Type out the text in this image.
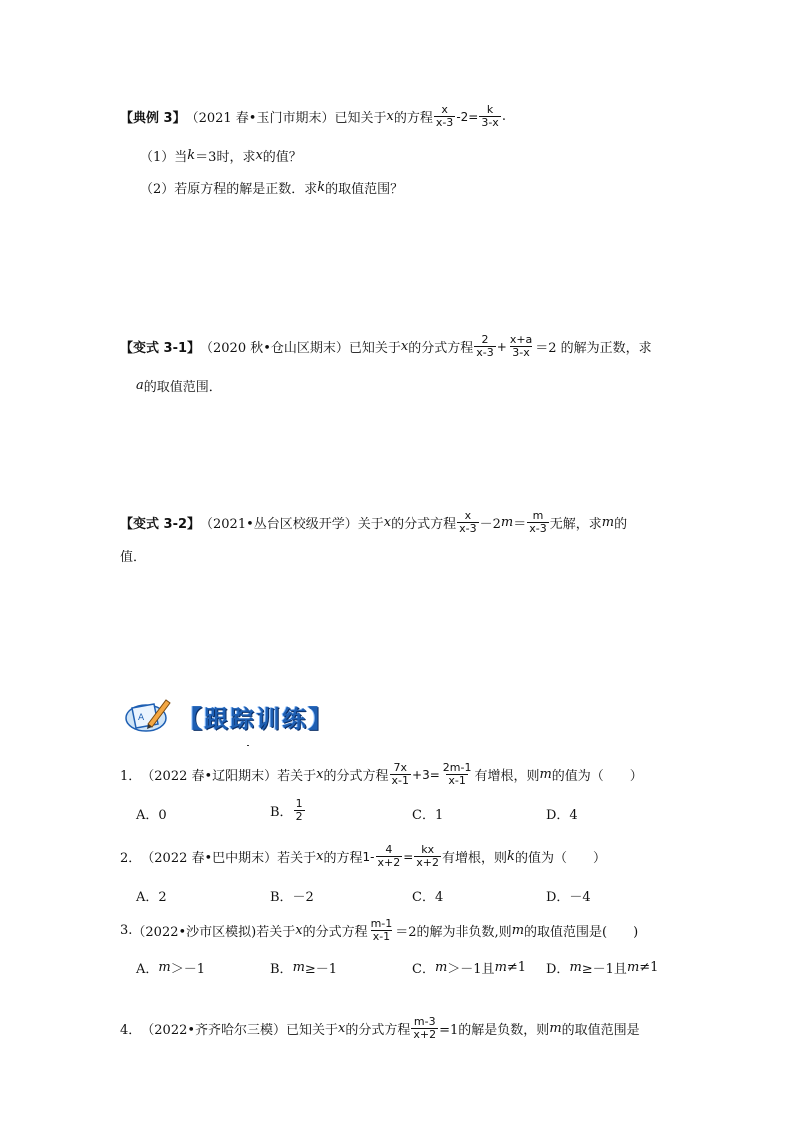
【典例 3】 （2021 春•玉门市期末）已知关于 x 的方程 $\frac{x}{x-3} -2= \frac{k}{3-x}$ .
（1）当 k ＝3时，求 x 的值？
（2）若原方程的解是正数．求 k 的取值范围？
【变式 3-1】 （2020 秋•仓山区期末）已知关于 x 的分式方程 $\frac{2}{x-3} + \frac{x+a}{3-x} =2$ 的解为正数，求
a 的取值范围．
【变式 3-2】 （2021•丛台区校级开学）关于 x 的分式方程 $\frac{x}{x-3} -2$ $m = \frac{m}{x-3}$ 无解，求 m 的
值．
A 【跟踪训练】
1． （2022 春•辽阳期末）若关于 x 的分式方程 $\frac{7x}{x-1} +3= \frac{2m-1}{x-1}$ 有增根，则 m 的值为（　　）
A．0	B． $\frac{1}{2}$	C．1	D．4
2． （2022 春•巴中期末）若关于 x 的方程 $1- \frac{4}{x+2} = \frac{kx}{x+2}$ 有增根，则 k 的值为（　　）
A．2	B．－2	C．4	D．－4
3. （2022•沙市区模拟)若关于 x 的分式方程 $\frac{m-1}{x-1} =2$的解为非负数,则 m 的取值范围是(　　)
A． m ＞－1	B． m ≥－1	C． m ＞－1且 m ≠1 D． m ≥－1且 m ≠1
4． （2022•齐齐哈尔三模）已知关于 x 的分式方程 $\frac{m-3}{x+2} =1$的解是负数，则 m 的取值范围是
